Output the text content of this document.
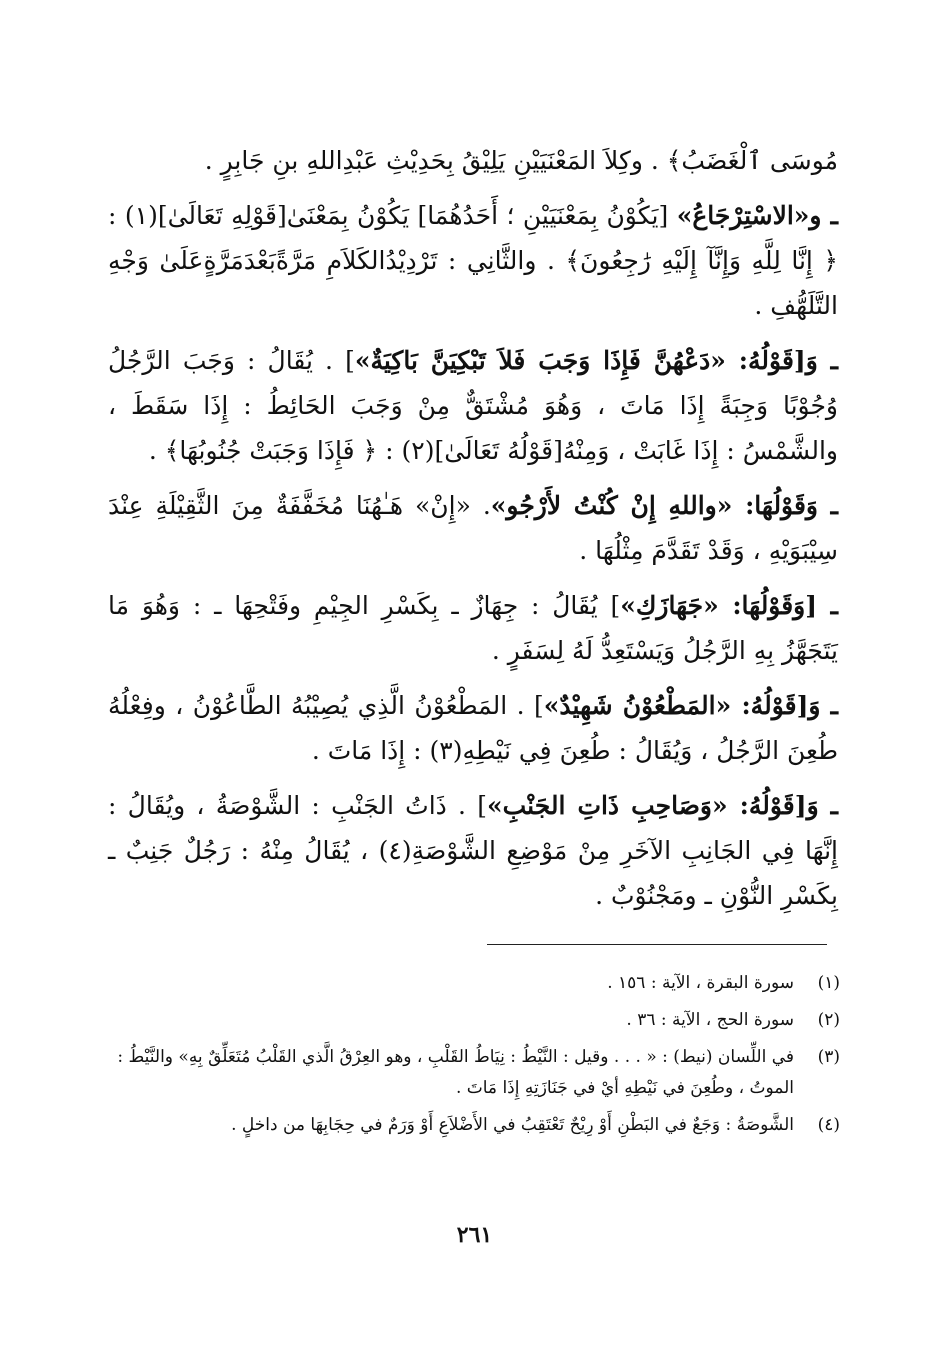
مُوسَى ٱلْغَضَبُ﴾ . وكِلاَ المَعْنَيَيْنِ يَلِيْقُ بِحَدِيْثِ عَبْدِاللهِ بنِ جَابِرٍ .

ـ و«الاسْتِرْجَاعُ» [يَكُوْنُ بِمَعْنَيَيْنِ ؛ أَحَدُهُمَا] يَكُوْنُ بِمَعْنَىٰ[قَوْلِهِ تَعَالَىٰ](١) : ﴿ إِنَّا لِلَّهِ وَإِنَّآ إِلَيْهِ رَٰجِعُونَ﴾ . والثَّانِي : تَرْدِيْدُالكَلاَمِ مَرَّةًبَعْدَمَرَّةٍعَلَىٰ وَجْهِ التَّلَهُّفِ .

ـ وَ[قَوْلُهُ: «دَعْهُنَّ فَإِذَا وَجَبَ فَلاَ تَبْكِيَنَّ بَاكِيَةٌ»] . يُقَالُ : وَجَبَ الرَّجُلُ وُجُوْبًا وَجِبَةً إِذَا مَاتَ ، وَهُوَ مُشْتَقٌّ مِنْ وَجَبَ الحَائِطُ : إِذَا سَقَطَ ، والشَّمْسُ : إِذَا غَابَتْ ، وَمِنْهُ[قَوْلُهُ تَعَالَىٰ](٢) : ﴿ فَإِذَا وَجَبَتْ جُنُوبُهَا﴾ .

ـ وَقَوْلُهَا: «واللهِ إِنْ كُنْتُ لأَرْجُو». «إِنْ» هَـٰهُنَا مُخَفَّفَةٌ مِنَ الثَّقِيْلَةِ عِنْدَ سِيْبَوَيْهِ ، وَقَدْ تَقَدَّمَ مِثْلُهَا .

ـ [وَقَوْلُهَا: «جَهَازَكِ»] يُقَالُ : جِهَازٌ ـ بِكَسْرِ الجِيْمِ وفَتْحِهَا ـ : وَهُوَ مَا يَتَجَهَّزُ بِهِ الرَّجُلُ وَيَسْتَعِدُّ لَهُ لِسَفَرٍ .

ـ وَ[قَوْلُهُ: «المَطْعُوْنُ شَهِيْدٌ»] . المَطْعُوْنُ الَّذِي يُصِيْبُهُ الطَّاعُوْنُ ، وفِعْلُهُ طُعِنَ الرَّجُلُ ، وَيُقَالُ : طُعِنَ فِي نَيْطِهِ(٣) : إِذَا مَاتَ .

ـ وَ[قَوْلُهُ: «وَصَاحِبِ ذَاتِ الجَنْبِ»] . ذَاتُ الجَنْبِ : الشَّوْصَةُ ، ويُقَالُ : إِنَّهَا فِي الجَانِبِ الآخَرِ مِنْ مَوْضِعِ الشَّوْصَةِ(٤) ، يُقَالُ مِنْهُ : رَجُلٌ جَنِبٌ ـ بِكَسْرِ النُّوْنِ ـ ومَجْنُوْبٌ .

(١)
سورة البقرة ، الآية : ١٥٦ .
(٢)
سورة الحج ، الآية : ٣٦ .
(٣)
في اللِّسان (نيط) : « . . . وقيل : النَّيْطُ : نِيَاطُ القَلْبِ ، وهو العِرْقُ الَّذي القَلْبُ مُتَعَلِّقٌ بِهِ» والنَّيْطُ : الموتُ ، وطُعِنَ في نَيْطِهِ أيْ في جَنَازَتِهِ إِذَا مَاتَ .
(٤)
الشَّوصَةُ : وَجَعٌ في البَطْنِ أَوْ رِيْحٌ تَعْتَقِبُ في الأَضْلاَعِ أَوْ وَرَمٌ في حِجَابِهَا من داخلٍ .
٢٦١
